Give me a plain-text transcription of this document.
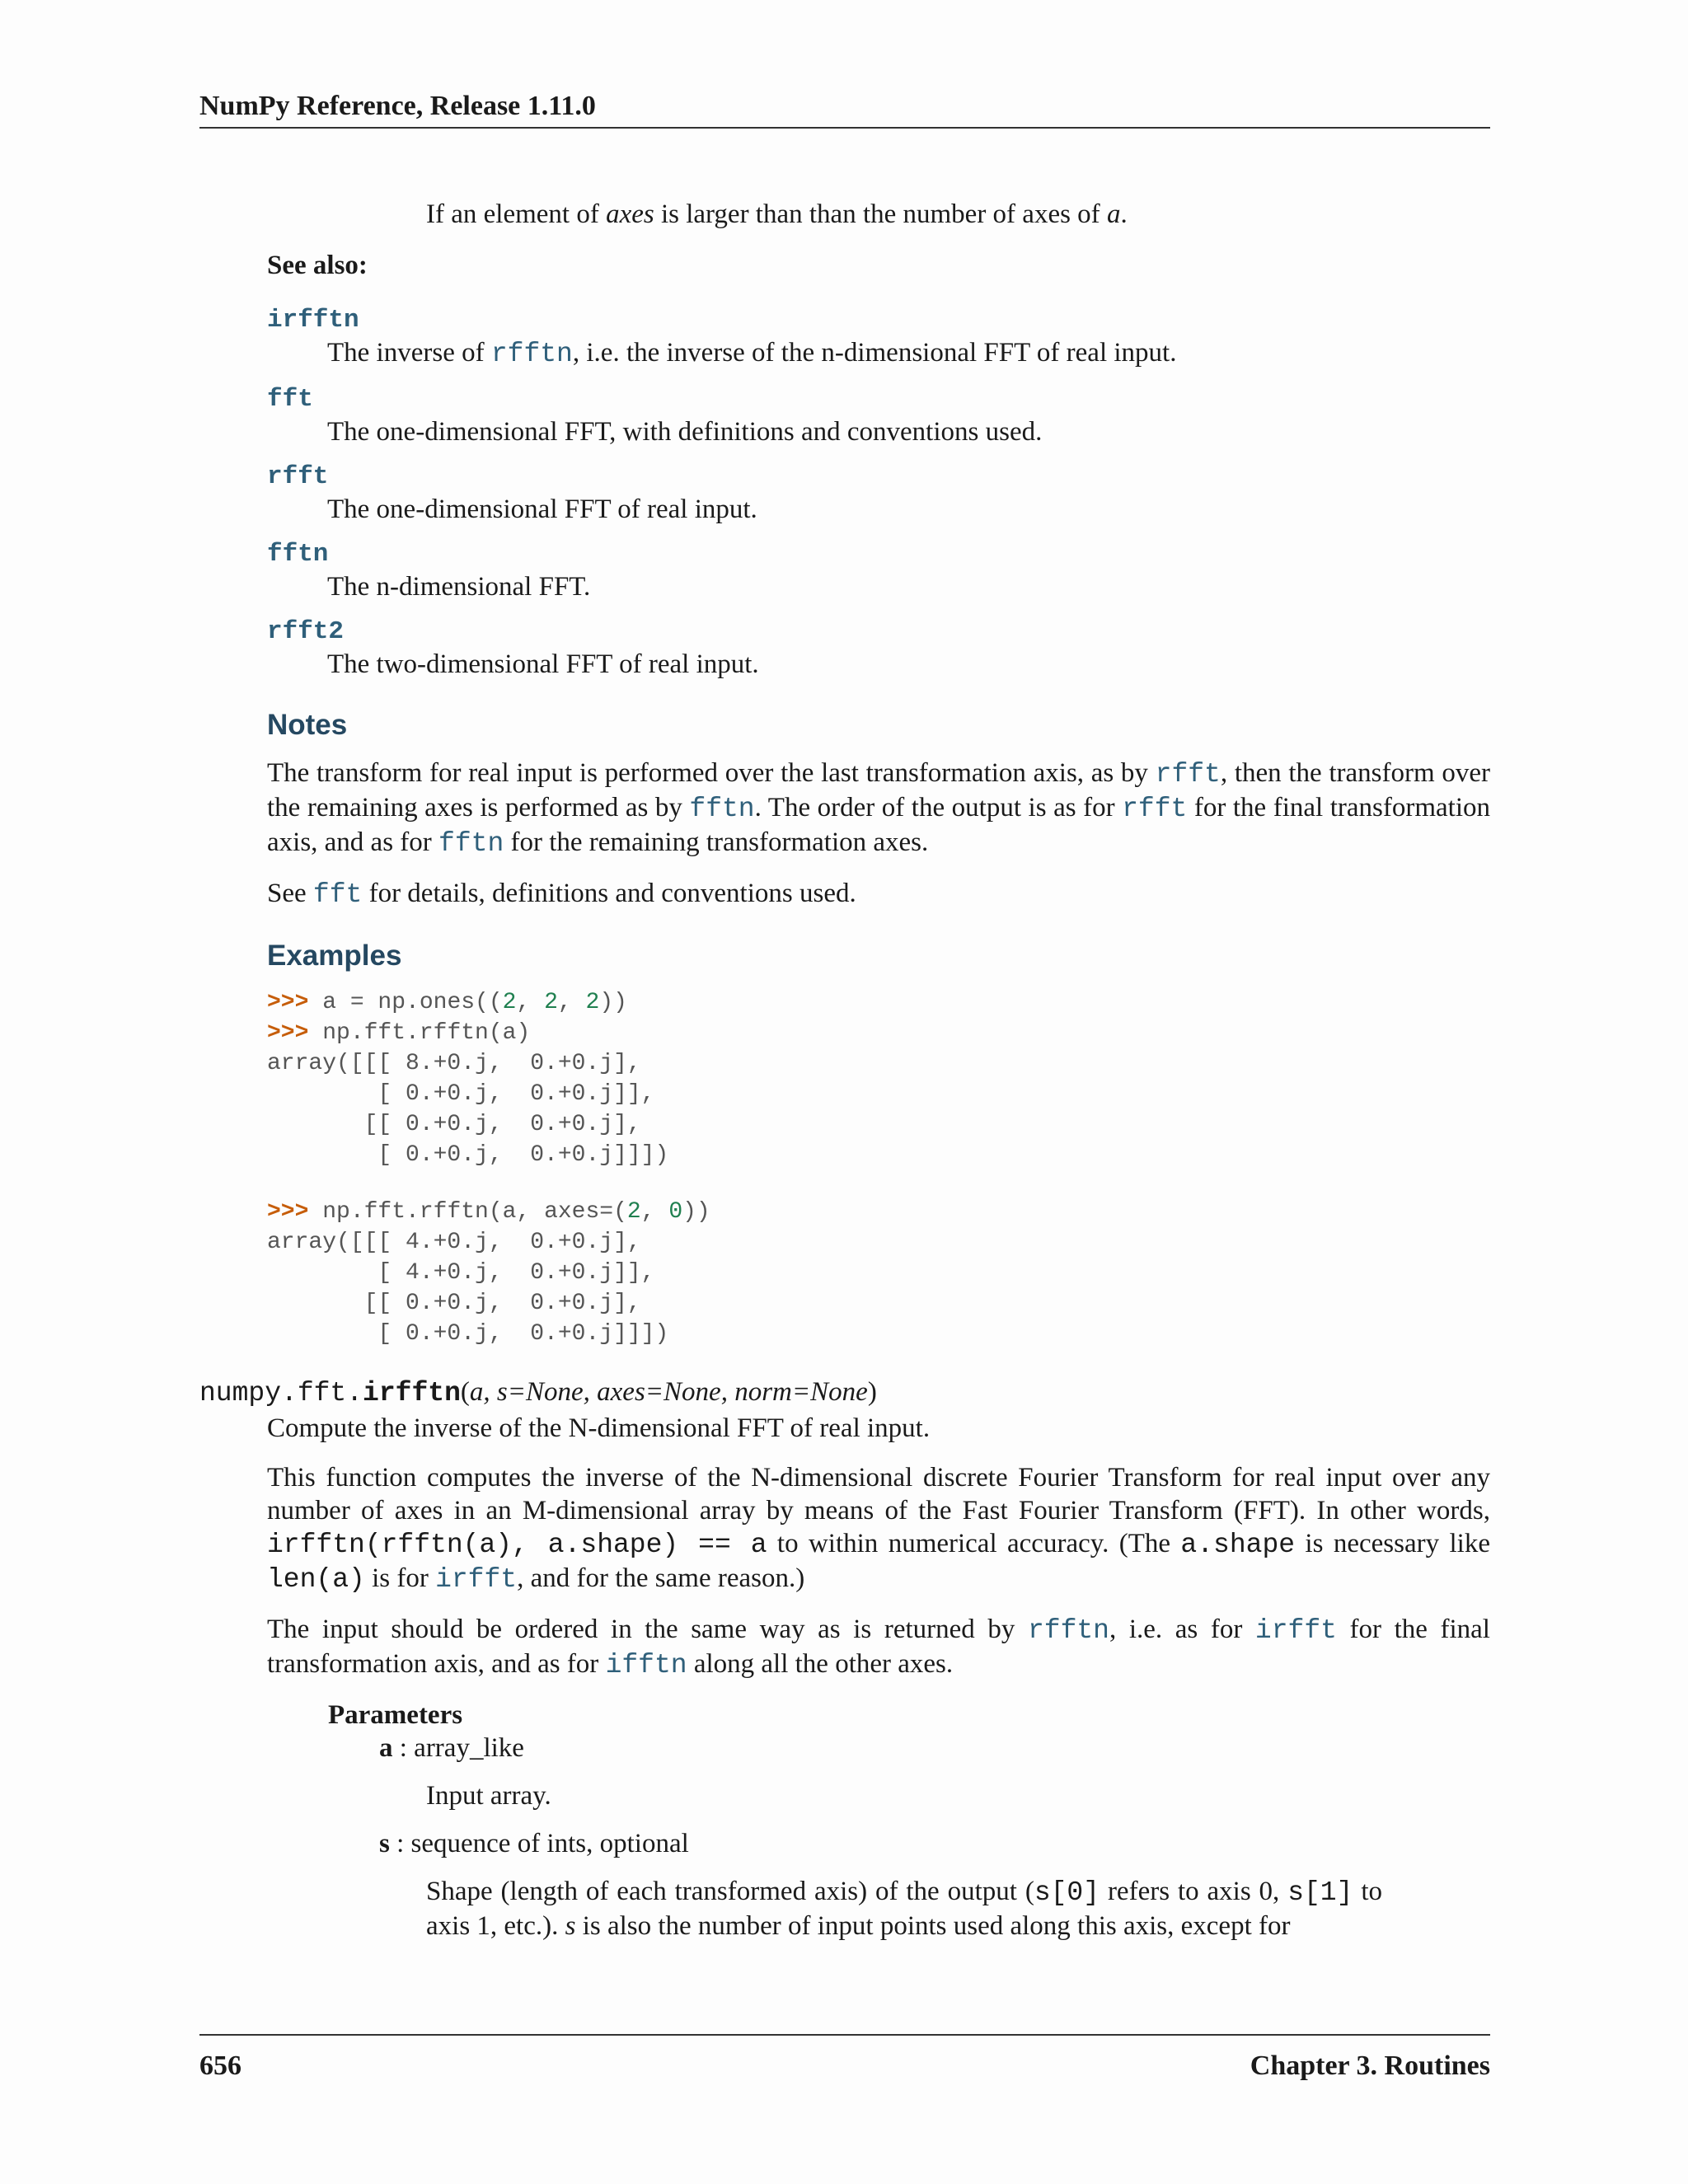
NumPy Reference, Release 1.11.0

If an element of axes is larger than than the number of axes of a.

See also:
irfftn
The inverse of rfftn, i.e. the inverse of the n-dimensional FFT of real input.
fft
The one-dimensional FFT, with definitions and conventions used.
rfft
The one-dimensional FFT of real input.
fftn
The n-dimensional FFT.
rfft2
The two-dimensional FFT of real input.
Notes

The transform for real input is performed over the last transformation axis, as by rfft, then the transform over the remaining axes is performed as by fftn. The order of the output is as for rfft for the final transformation axis, and as for fftn for the remaining transformation axes.

See fft for details, definitions and conventions used.

Examples
>>> a = np.ones((2, 2, 2))
>>> np.fft.rfftn(a)
array([[[ 8.+0.j,  0.+0.j],
[ 0.+0.j,  0.+0.j]],
[[ 0.+0.j,  0.+0.j],
[ 0.+0.j,  0.+0.j]]])
>>> np.fft.rfftn(a, axes=(2, 0))
array([[[ 4.+0.j,  0.+0.j],
[ 4.+0.j,  0.+0.j]],
[[ 0.+0.j,  0.+0.j],
[ 0.+0.j,  0.+0.j]]])
numpy.fft.irfftn(a, s=None, axes=None, norm=None)

Compute the inverse of the N-dimensional FFT of real input.

This function computes the inverse of the N-dimensional discrete Fourier Transform for real input over any number of axes in an M-dimensional array by means of the Fast Fourier Transform (FFT). In other words, irfftn(rfftn(a), a.shape) == a to within numerical accuracy. (The a.shape is necessary like len(a) is for irfft, and for the same reason.)

The input should be ordered in the same way as is returned by rfftn, i.e. as for irfft for the final transformation axis, and as for ifftn along all the other axes.

Parameters
a : array_like

Input array.

s : sequence of ints, optional

Shape (length of each transformed axis) of the output (s[0] refers to axis 0, s[1] to axis 1, etc.). s is also the number of input points used along this axis, except for

656	Chapter 3. Routines
